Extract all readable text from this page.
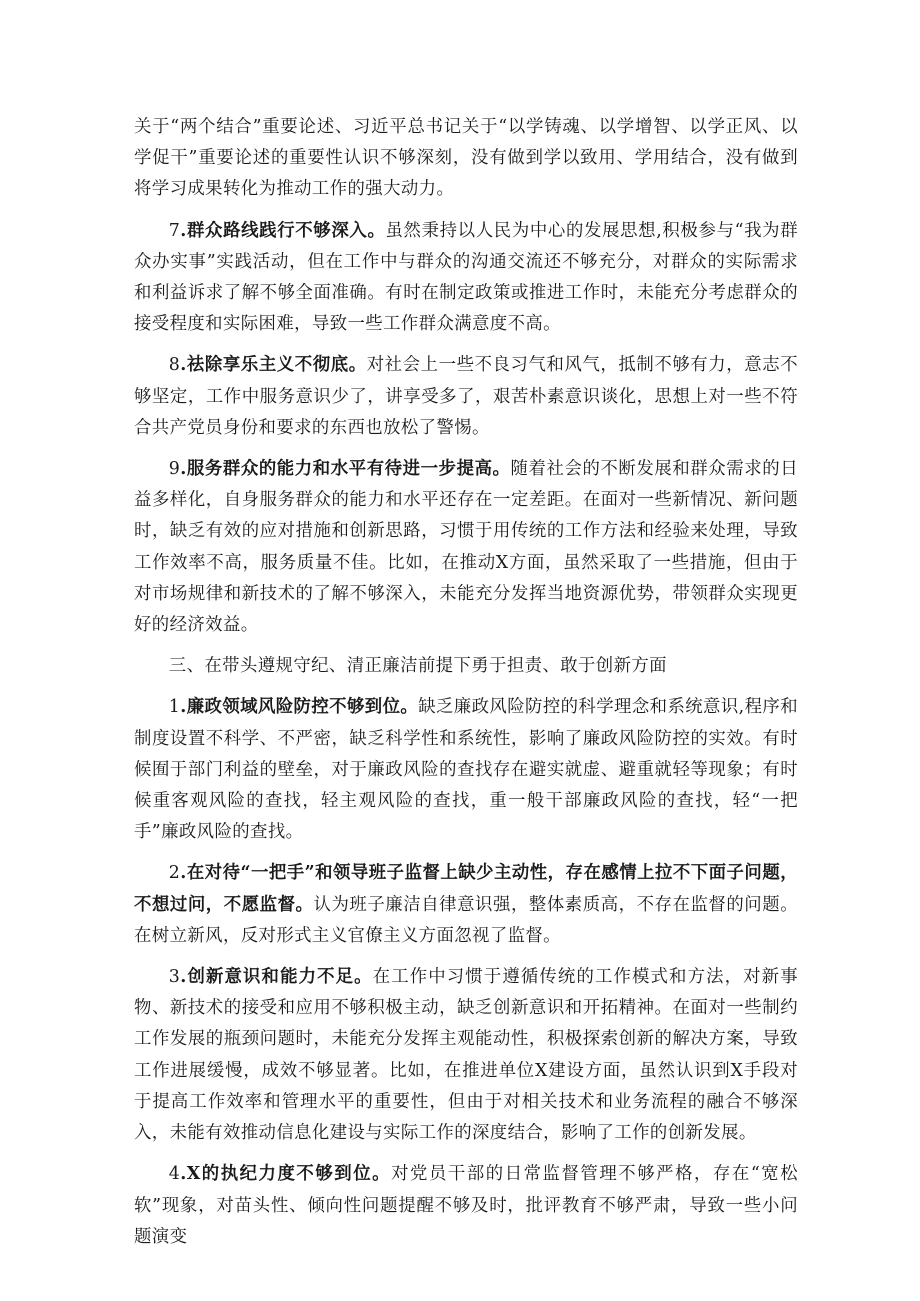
关于“两个结合”重要论述、习近平总书记关于“以学铸魂、以学增智、以学正风、以学促干”重要论述的重要性认识不够深刻，没有做到学以致用、学用结合，没有做到将学习成果转化为推动工作的强大动力。

7.群众路线践行不够深入。虽然秉持以人民为中心的发展思想,积极参与“我为群众办实事”实践活动，但在工作中与群众的沟通交流还不够充分，对群众的实际需求和利益诉求了解不够全面准确。有时在制定政策或推进工作时，未能充分考虑群众的接受程度和实际困难，导致一些工作群众满意度不高。

8.祛除享乐主义不彻底。对社会上一些不良习气和风气，抵制不够有力，意志不够坚定，工作中服务意识少了，讲享受多了，艰苦朴素意识谈化，思想上对一些不符合共产党员身份和要求的东西也放松了警惕。

9.服务群众的能力和水平有待进一步提高。随着社会的不断发展和群众需求的日益多样化，自身服务群众的能力和水平还存在一定差距。在面对一些新情况、新问题时，缺乏有效的应对措施和创新思路，习惯于用传统的工作方法和经验来处理，导致工作效率不高，服务质量不佳。比如，在推动X方面，虽然采取了一些措施，但由于对市场规律和新技术的了解不够深入，未能充分发挥当地资源优势，带领群众实现更好的经济效益。

三、在带头遵规守纪、清正廉洁前提下勇于担责、敢于创新方面

1.廉政领域风险防控不够到位。缺乏廉政风险防控的科学理念和系统意识,程序和制度设置不科学、不严密，缺乏科学性和系统性，影响了廉政风险防控的实效。有时候囿于部门利益的壁垒，对于廉政风险的查找存在避实就虚、避重就轻等现象；有时候重客观风险的查找，轻主观风险的查找，重一般干部廉政风险的查找，轻“一把手”廉政风险的查找。

2.在对待“一把手”和领导班子监督上缺少主动性，存在感情上拉不下面子问题，不想过问，不愿监督。认为班子廉洁自律意识强，整体素质高，不存在监督的问题。在树立新风，反对形式主义官僚主义方面忽视了监督。

3.创新意识和能力不足。在工作中习惯于遵循传统的工作模式和方法，对新事物、新技术的接受和应用不够积极主动，缺乏创新意识和开拓精神。在面对一些制约工作发展的瓶颈问题时，未能充分发挥主观能动性，积极探索创新的解决方案，导致工作进展缓慢，成效不够显著。比如，在推进单位X建设方面，虽然认识到X手段对于提高工作效率和管理水平的重要性，但由于对相关技术和业务流程的融合不够深入，未能有效推动信息化建设与实际工作的深度结合，影响了工作的创新发展。

4.X的执纪力度不够到位。对党员干部的日常监督管理不够严格，存在“宽松软”现象，对苗头性、倾向性问题提醒不够及时，批评教育不够严肃，导致一些小问题演变
